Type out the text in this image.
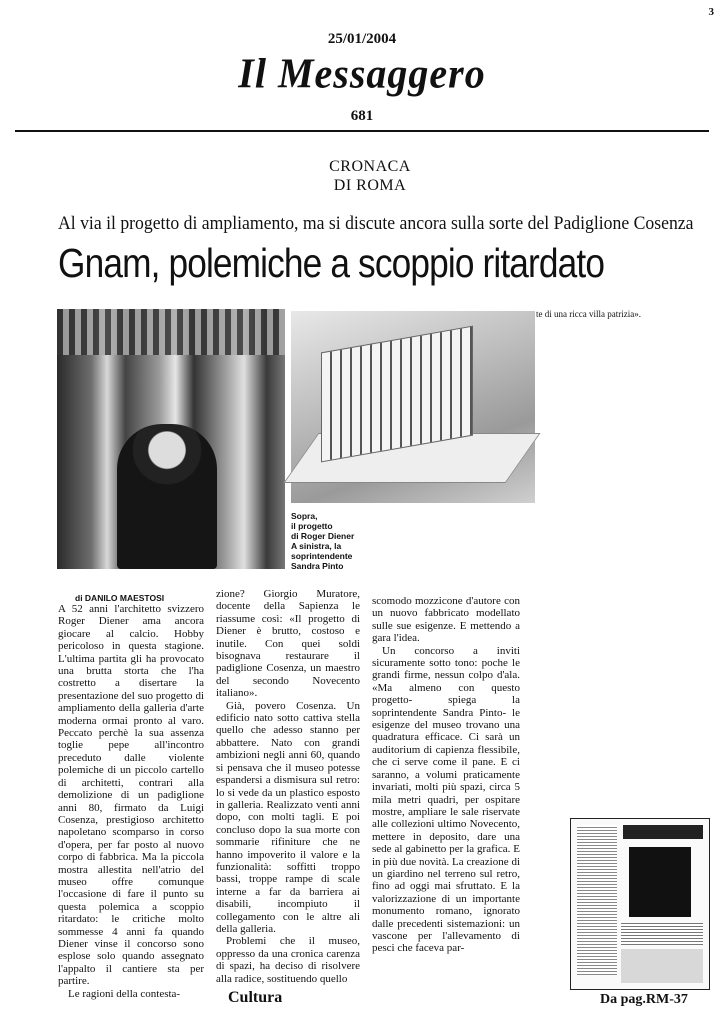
3
25/01/2004
Il Messaggero
681
CRONACA
DI ROMA
Al via il progetto di ampliamento, ma si discute ancora sulla sorte del Padiglione Cosenza
Gnam, polemiche a scoppio ritardato
te di una ricca villa patrizia».
Sopra,
il progetto
di Roger Diener
A sinistra, la
soprintendente
Sandra Pinto
di DANILO MAESTOSI

A 52 anni l'architetto svizzero Roger Diener ama ancora giocare al calcio. Hobby pericoloso in questa stagione. L'ultima partita gli ha provocato una brutta storta che l'ha costretto a disertare la presentazione del suo progetto di ampliamento della galleria d'arte moderna ormai pronto al varo. Peccato perchè la sua assenza toglie pepe all'incontro preceduto dalle violente polemiche di un piccolo cartello di architetti, contrari alla demolizione di un padiglione anni 80, firmato da Luigi Cosenza, prestigioso architetto napoletano scomparso in corso d'opera, per far posto al nuovo corpo di fabbrica. Ma la piccola mostra allestita nell'atrio del museo offre comunque l'occasione di fare il punto su questa polemica a scoppio ritardato: le critiche molto sommesse 4 anni fa quando Diener vinse il concorso sono esplose solo quando assegnato l'appalto il cantiere sta per partire.

Le ragioni della contesta-

zione? Giorgio Muratore, docente della Sapienza le riassume così: «Il progetto di Diener è brutto, costoso e inutile. Con quei soldi bisognava restaurare il padiglione Cosenza, un maestro del secondo Novecento italiano».

Già, povero Cosenza. Un edificio nato sotto cattiva stella quello che adesso stanno per abbattere. Nato con grandi ambizioni negli anni 60, quando si pensava che il museo potesse espandersi a dismisura sul retro: lo si vede da un plastico esposto in galleria. Realizzato venti anni dopo, con molti tagli. E poi concluso dopo la sua morte con sommarie rifiniture che ne hanno impoverito il valore e la funzionalità: soffitti troppo bassi, troppe rampe di scale interne a far da barriera ai disabili, incompiuto il collegamento con le altre ali della galleria.

Problemi che il museo, oppresso da una cronica carenza di spazi, ha deciso di risolvere alla radice, sostituendo quello

scomodo mozzicone d'autore con un nuovo fabbricato modellato sulle sue esigenze. E mettendo a gara l'idea.

Un concorso a inviti sicuramente sotto tono: poche le grandi firme, nessun colpo d'ala. «Ma almeno con questo progetto- spiega la soprintendente Sandra Pinto- le esigenze del museo trovano una quadratura efficace. Ci sarà un auditorium di capienza flessibile, che ci serve come il pane. E ci saranno, a volumi praticamente invariati, molti più spazi, circa 5 mila metri quadri, per ospitare mostre, ampliare le sale riservate alle collezioni ultimo Novecento, mettere in deposito, dare una sede al gabinetto per la grafica. E in più due novità. La creazione di un giardino nel terreno sul retro, fino ad oggi mai sfruttato. E la valorizzazione di un importante monumento romano, ignorato dalle precedenti sistemazioni: un vascone per l'allevamento di pesci che faceva par-

Cultura	Da pag.RM-37
